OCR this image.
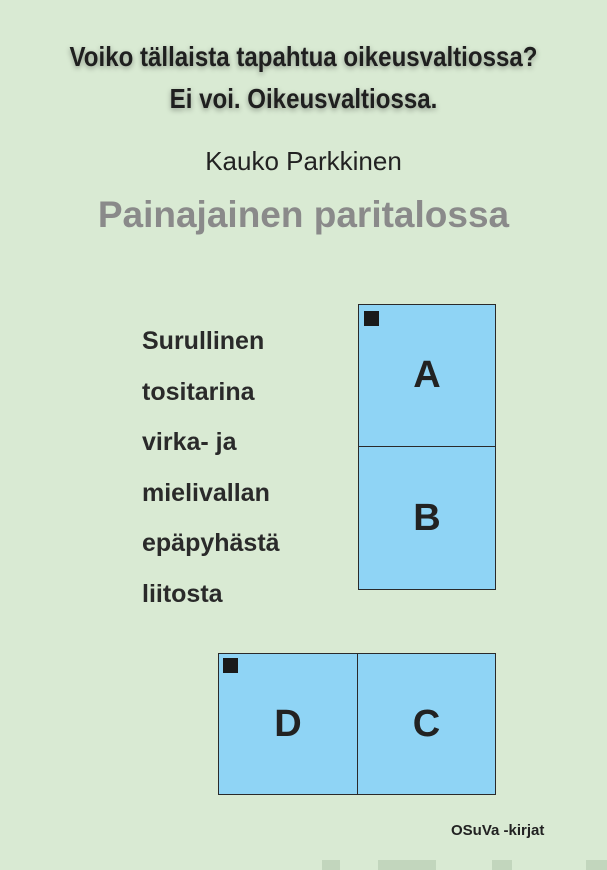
Voiko tällaista tapahtua oikeusvaltiossa?
Ei voi. Oikeusvaltiossa.
Kauko Parkkinen
Painajainen paritalossa
Surullinen
tositarina
virka- ja
mielivallan
epäpyhästä
liitosta
A
B
D	C
OSuVa -kirjat
